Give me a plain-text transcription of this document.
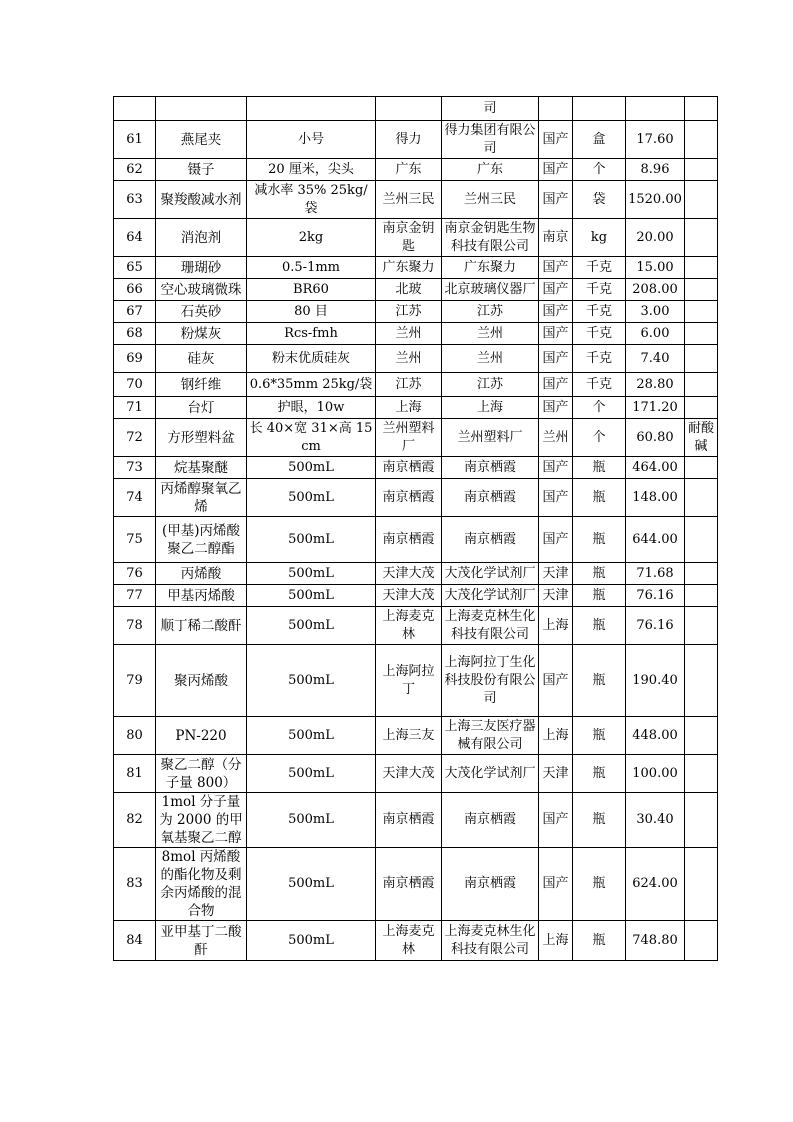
				司				
61	燕尾夹	小号	得力	得力集团有限公司	国产	盒	17.60	
62	镊子	20 厘米，尖头	广东	广东	国产	个	8.96	
63	聚羧酸减水剂	减水率 35% 25kg/袋	兰州三民	兰州三民	国产	袋	1520.00	
64	消泡剂	2kg	南京金钥匙	南京金钥匙生物科技有限公司	南京	kg	20.00	
65	珊瑚砂	0.5-1mm	广东聚力	广东聚力	国产	千克	15.00	
66	空心玻璃微珠	BR60	北玻	北京玻璃仪器厂	国产	千克	208.00	
67	石英砂	80 目	江苏	江苏	国产	千克	3.00	
68	粉煤灰	Rcs-fmh	兰州	兰州	国产	千克	6.00	
69	硅灰	粉末优质硅灰	兰州	兰州	国产	千克	7.40	
70	钢纤维	0.6*35mm 25kg/袋	江苏	江苏	国产	千克	28.80	
71	台灯	护眼，10w	上海	上海	国产	个	171.20	
72	方形塑料盆	长 40×宽 31×高 15cm	兰州塑料厂	兰州塑料厂	兰州	个	60.80	耐酸碱
73	烷基聚醚	500mL	南京栖霞	南京栖霞	国产	瓶	464.00	
74	丙烯醇聚氧乙烯	500mL	南京栖霞	南京栖霞	国产	瓶	148.00	
75	(甲基)丙烯酸聚乙二醇酯	500mL	南京栖霞	南京栖霞	国产	瓶	644.00	
76	丙烯酸	500mL	天津大茂	大茂化学试剂厂	天津	瓶	71.68	
77	甲基丙烯酸	500mL	天津大茂	大茂化学试剂厂	天津	瓶	76.16	
78	顺丁稀二酸酐	500mL	上海麦克林	上海麦克林生化科技有限公司	上海	瓶	76.16	
79	聚丙烯酸	500mL	上海阿拉丁	上海阿拉丁生化科技股份有限公司	国产	瓶	190.40	
80	PN-220	500mL	上海三友	上海三友医疗器械有限公司	上海	瓶	448.00	
81	聚乙二醇（分子量 800）	500mL	天津大茂	大茂化学试剂厂	天津	瓶	100.00	
82	1mol 分子量为 2000 的甲氧基聚乙二醇	500mL	南京栖霞	南京栖霞	国产	瓶	30.40	
83	8mol 丙烯酸的酯化物及剩余丙烯酸的混合物	500mL	南京栖霞	南京栖霞	国产	瓶	624.00	
84	亚甲基丁二酸酐	500mL	上海麦克林	上海麦克林生化科技有限公司	上海	瓶	748.80	
